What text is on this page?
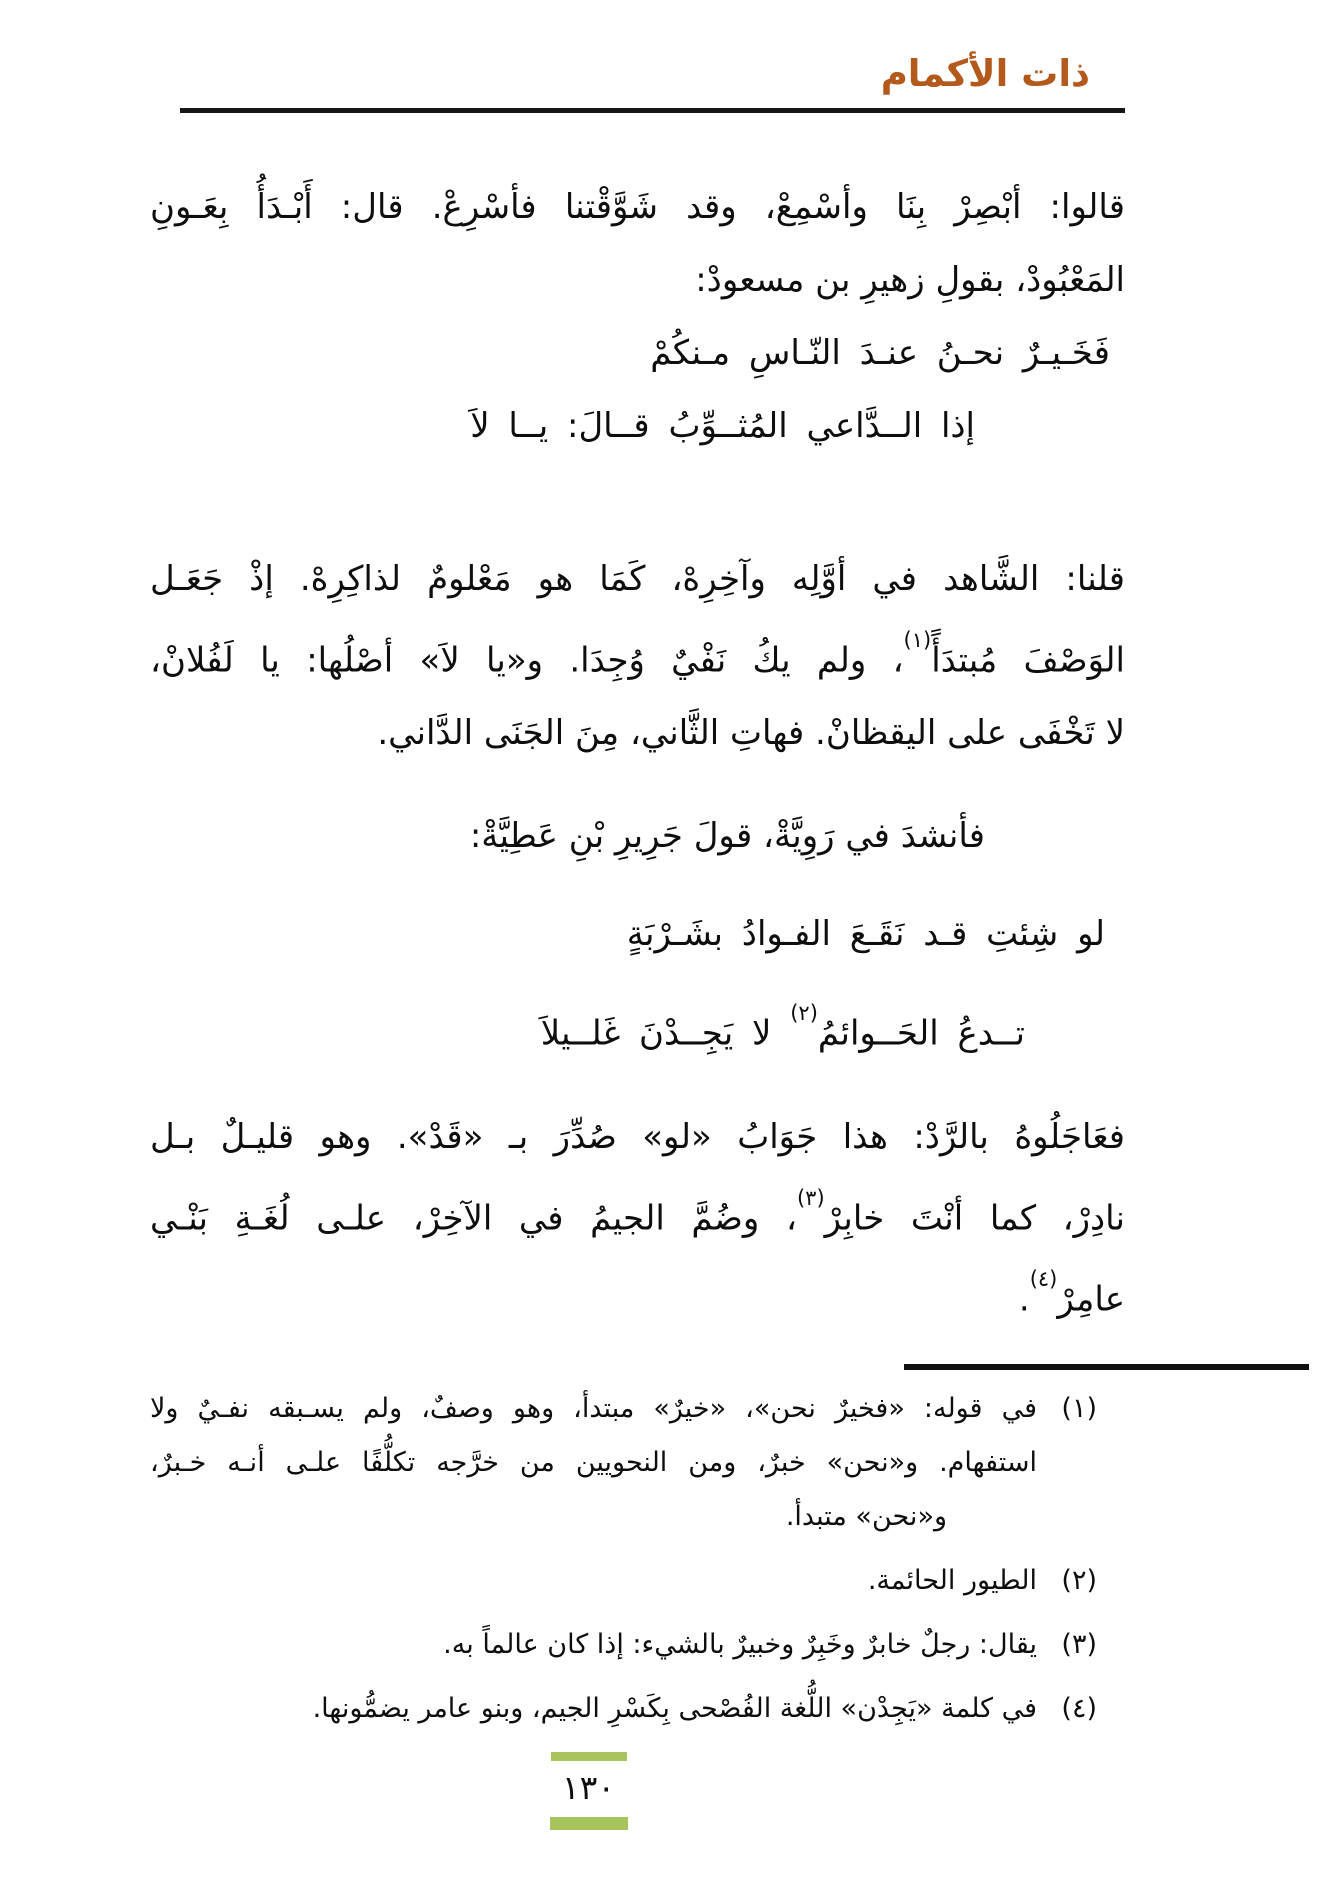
ذات الأكمام
قالوا: أبْصِرْ بِنَا وأسْمِعْ، وقد شَوَّقْتنا فأسْرِعْ. قال: أَبْـدَأُ بِعَـونِ
المَعْبُودْ، بقولِ زهيرِ بن مسعودْ:
فَخَـيـرٌ نحـنُ عنـدَ النّـاسِ مـنكُمْ
إذا الــدَّاعي المُثــوِّبُ قــالَ: يــا لاَ
قلنا: الشَّاهد في أوَّلِه وآخِرِهْ، كَمَا هو مَعْلومٌ لذاكِرِهْ. إذْ جَعَـل
الوَصْفَ مُبتدَأً$^{(١)}$، ولم يكُ نَفْيٌ وُجِدَا. و«يا لاَ» أصْلُها: يا لَفُلانْ،
لا تَخْفَى على اليقظانْ. فهاتِ الثَّاني، مِنَ الجَنَى الدَّاني.
فأنشدَ في رَوِيَّةْ، قولَ جَرِيرِ بْنِ عَطِيَّةْ:
لو شِئتِ قـد نَقَـعَ الفـوادُ بشَـرْبَةٍ
تــدعُ الحَــوائمُ$^{(٢)}$ لا يَجِــدْنَ غَلــيلاَ
فعَاجَلُوهُ بالرَّدْ: هذا جَوَابُ «لو» صُدِّرَ بـ «قَدْ». وهو قليـلٌ بـل
نادِرْ، كما أنْتَ خابِرْ$^{(٣)}$، وضُمَّ الجيمُ في الآخِرْ، علـى لُغَـةِ بَنْـي
عامِرْ$^{(٤)}$.
(١)
في قوله: «فخيرٌ نحن»، «خيرٌ» مبتدأ، وهو وصفٌ، ولم يسـبقه نفـيٌ ولا
استفهام. و«نحن» خبرٌ، ومن النحويين من خرَّجه تكلُّفًا علـى أنـه خـبرٌ،
و«نحن» متبدأ.
(٢)
الطيور الحائمة.
(٣)
يقال: رجلٌ خابرٌ وخَبِرٌ وخبيرٌ بالشيء: إذا كان عالماً به.
(٤)
في كلمة «يَجِدْن» اللُّغة الفُصْحى بِكَسْرِ الجيم، وبنو عامر يضمُّونها.
١٣٠
